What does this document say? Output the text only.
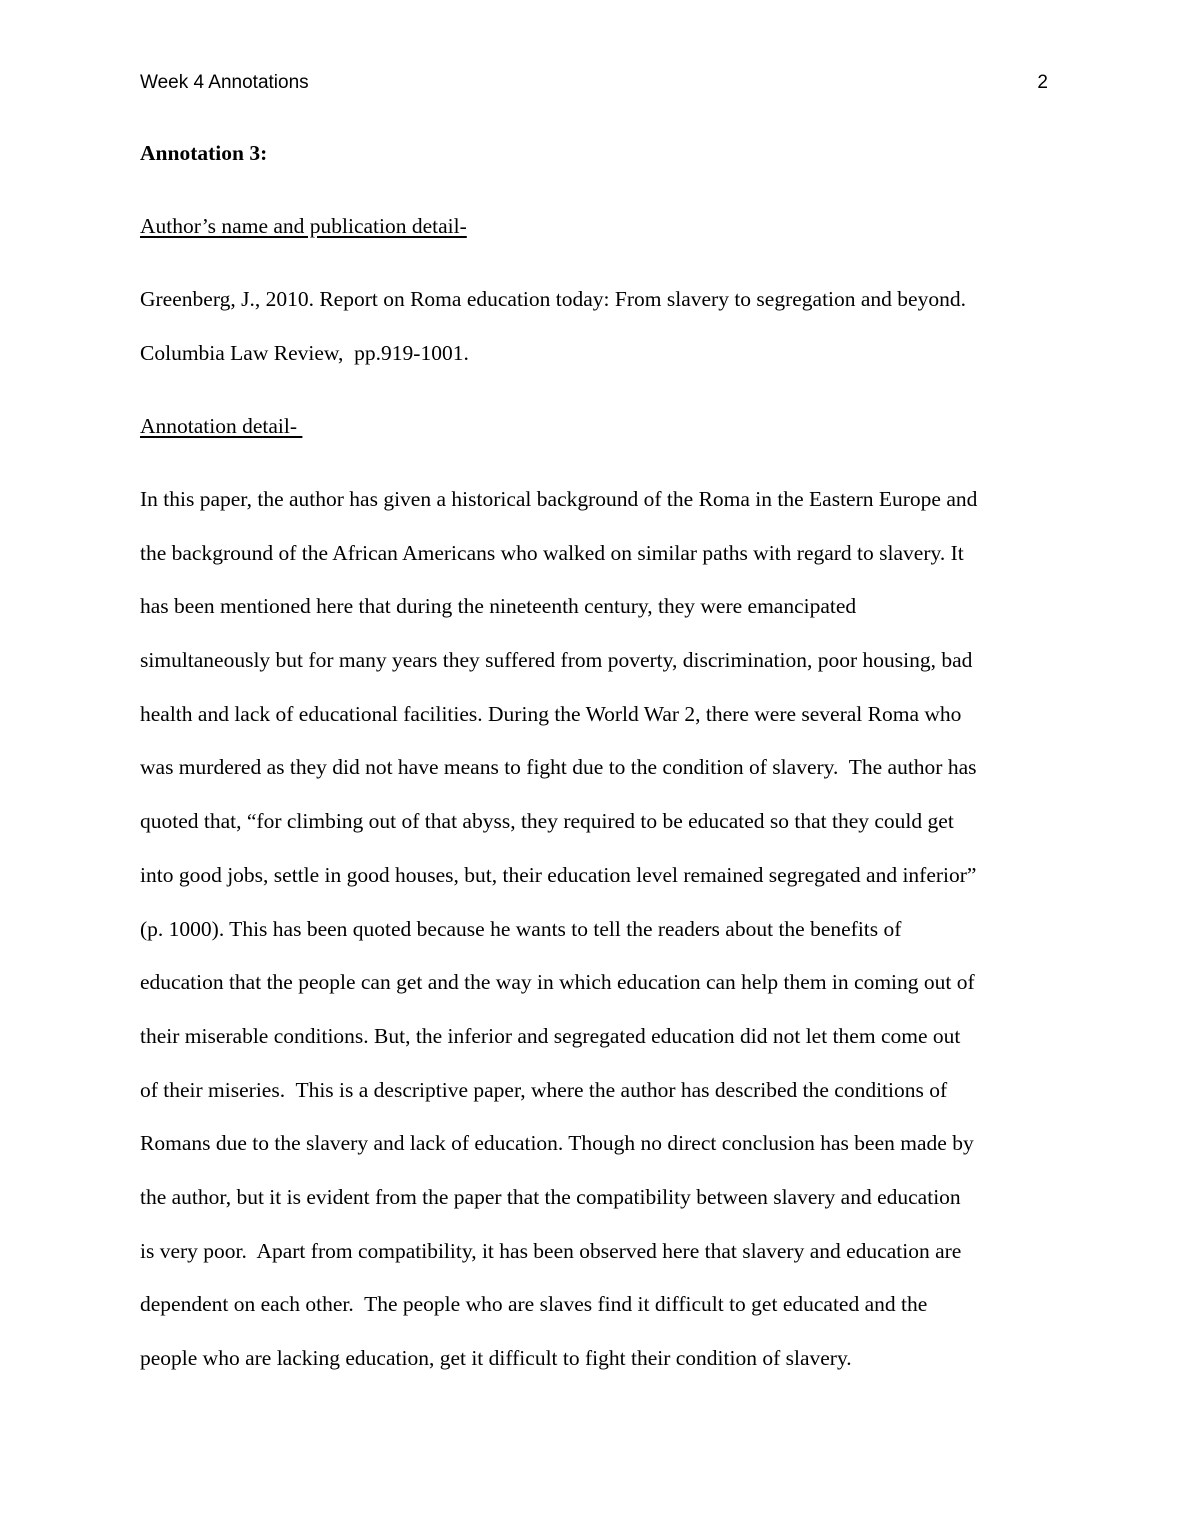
Week 4 Annotations	2
Annotation 3:
Author’s name and publication detail-
Greenberg, J., 2010. Report on Roma education today: From slavery to segregation and beyond.
Columbia Law Review,  pp.919-1001.
Annotation detail-
In this paper, the author has given a historical background of the Roma in the Eastern Europe and
the background of the African Americans who walked on similar paths with regard to slavery. It
has been mentioned here that during the nineteenth century, they were emancipated
simultaneously but for many years they suffered from poverty, discrimination, poor housing, bad
health and lack of educational facilities. During the World War 2, there were several Roma who
was murdered as they did not have means to fight due to the condition of slavery.  The author has
quoted that, “for climbing out of that abyss, they required to be educated so that they could get
into good jobs, settle in good houses, but, their education level remained segregated and inferior”
(p. 1000). This has been quoted because he wants to tell the readers about the benefits of
education that the people can get and the way in which education can help them in coming out of
their miserable conditions. But, the inferior and segregated education did not let them come out
of their miseries.  This is a descriptive paper, where the author has described the conditions of
Romans due to the slavery and lack of education. Though no direct conclusion has been made by
the author, but it is evident from the paper that the compatibility between slavery and education
is very poor.  Apart from compatibility, it has been observed here that slavery and education are
dependent on each other.  The people who are slaves find it difficult to get educated and the
people who are lacking education, get it difficult to fight their condition of slavery.
